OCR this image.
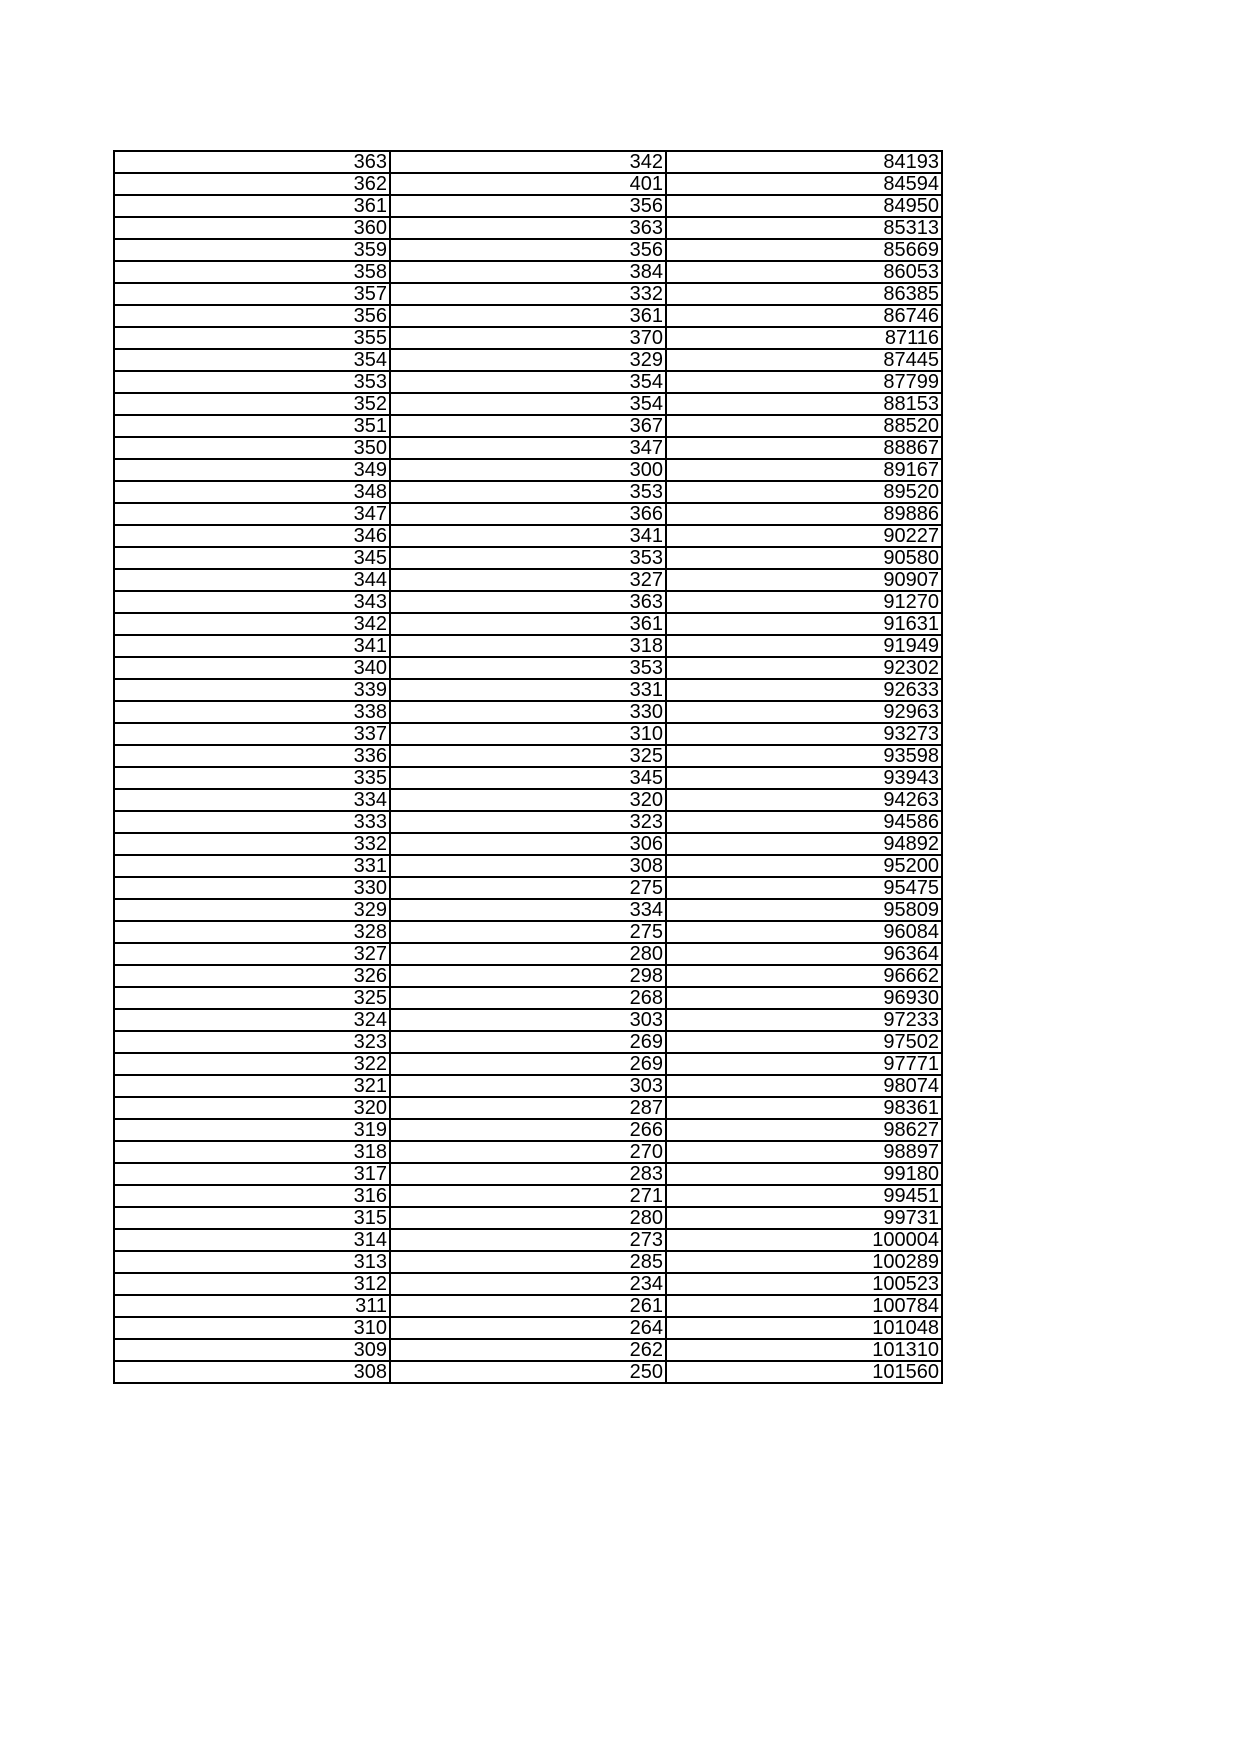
363	342	84193
362	401	84594
361	356	84950
360	363	85313
359	356	85669
358	384	86053
357	332	86385
356	361	86746
355	370	87116
354	329	87445
353	354	87799
352	354	88153
351	367	88520
350	347	88867
349	300	89167
348	353	89520
347	366	89886
346	341	90227
345	353	90580
344	327	90907
343	363	91270
342	361	91631
341	318	91949
340	353	92302
339	331	92633
338	330	92963
337	310	93273
336	325	93598
335	345	93943
334	320	94263
333	323	94586
332	306	94892
331	308	95200
330	275	95475
329	334	95809
328	275	96084
327	280	96364
326	298	96662
325	268	96930
324	303	97233
323	269	97502
322	269	97771
321	303	98074
320	287	98361
319	266	98627
318	270	98897
317	283	99180
316	271	99451
315	280	99731
314	273	100004
313	285	100289
312	234	100523
311	261	100784
310	264	101048
309	262	101310
308	250	101560
